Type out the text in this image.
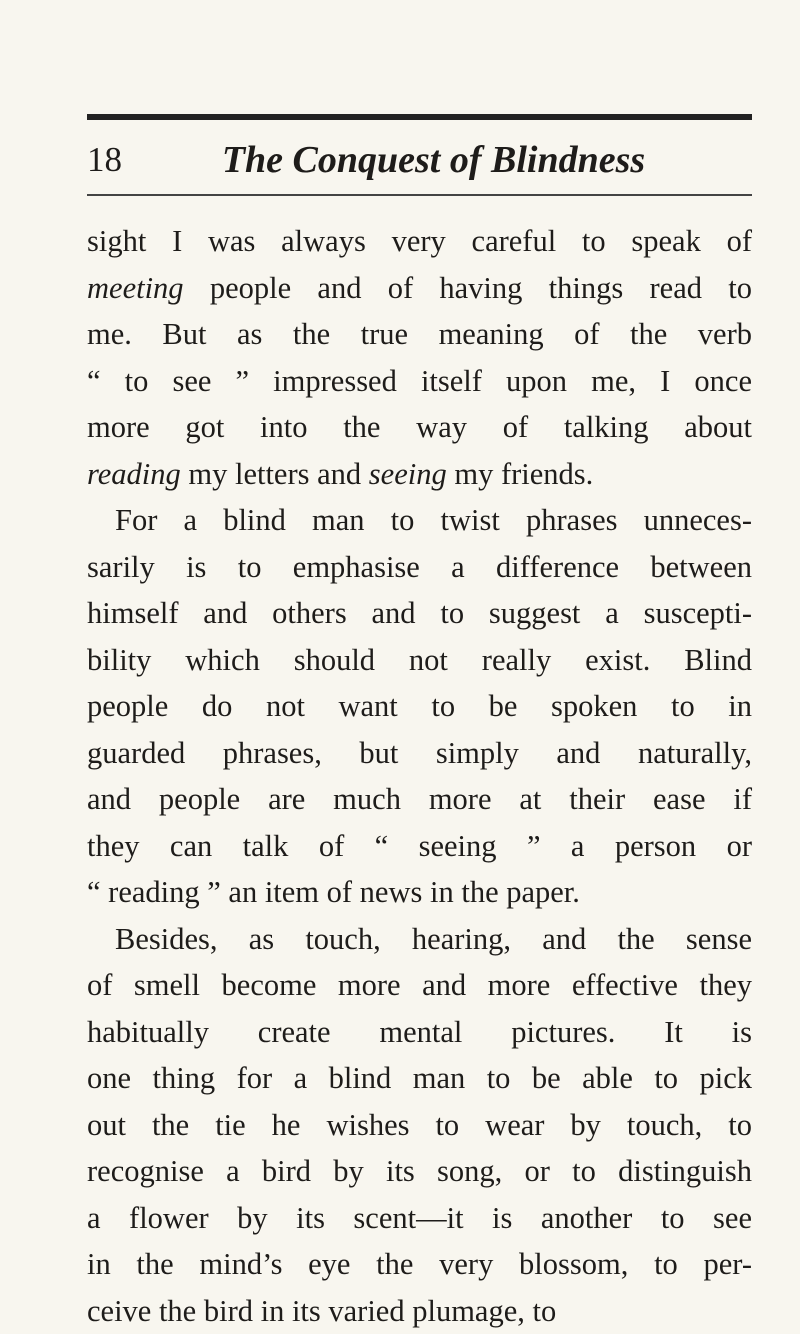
18	The Conquest of Blindness
sight I was always very careful to speak of
meeting people and of having things read to
me. But as the true meaning of the verb
“ to see ” impressed itself upon me, I once
more got into the way of talking about
reading my letters and seeing my friends.
For a blind man to twist phrases unneces-
sarily is to emphasise a difference between
himself and others and to suggest a suscepti-
bility which should not really exist. Blind
people do not want to be spoken to in
guarded phrases, but simply and naturally,
and people are much more at their ease if
they can talk of “ seeing ” a person or
“ reading ” an item of news in the paper.
Besides, as touch, hearing, and the sense
of smell become more and more effective they
habitually create mental pictures. It is
one thing for a blind man to be able to pick
out the tie he wishes to wear by touch, to
recognise a bird by its song, or to distinguish
a flower by its scent—it is another to see
in the mind’s eye the very blossom, to per-
ceive the bird in its varied plumage, to
